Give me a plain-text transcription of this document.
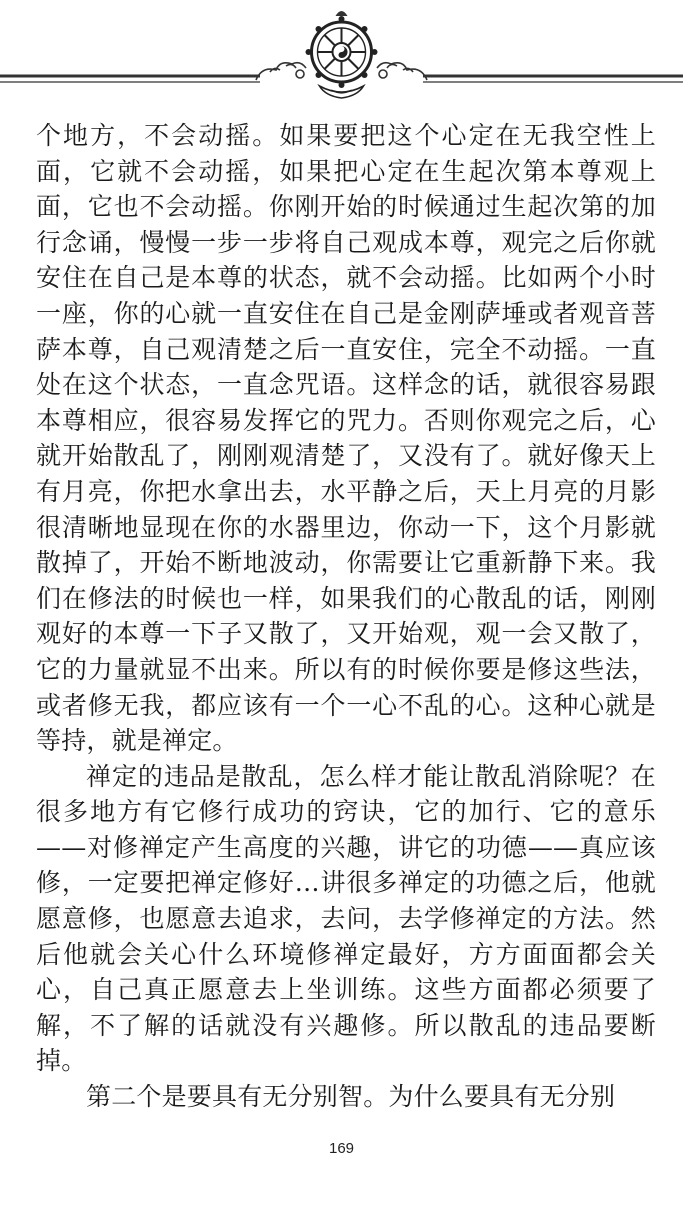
个地方，不会动摇。如果要把这个心定在无我空性上面，它就不会动摇，如果把心定在生起次第本尊观上面，它也不会动摇。你刚开始的时候通过生起次第的加行念诵，慢慢一步一步将自己观成本尊，观完之后你就安住在自己是本尊的状态，就不会动摇。比如两个小时一座，你的心就一直安住在自己是金刚萨埵或者观音菩萨本尊，自己观清楚之后一直安住，完全不动摇。一直处在这个状态，一直念咒语。这样念的话，就很容易跟本尊相应，很容易发挥它的咒力。否则你观完之后，心就开始散乱了，刚刚观清楚了，又没有了。就好像天上有月亮，你把水拿出去，水平静之后，天上月亮的月影很清晰地显现在你的水器里边，你动一下，这个月影就散掉了，开始不断地波动，你需要让它重新静下来。我们在修法的时候也一样，如果我们的心散乱的话，刚刚观好的本尊一下子又散了，又开始观，观一会又散了，它的力量就显不出来。所以有的时候你要是修这些法，或者修无我，都应该有一个一心不乱的心。这种心就是等持，就是禅定。

禅定的违品是散乱，怎么样才能让散乱消除呢？在很多地方有它修行成功的窍诀，它的加行、它的意乐——对修禅定产生高度的兴趣，讲它的功德——真应该修，一定要把禅定修好…讲很多禅定的功德之后，他就愿意修，也愿意去追求，去问，去学修禅定的方法。然后他就会关心什么环境修禅定最好，方方面面都会关心，自己真正愿意去上坐训练。这些方面都必须要了解，不了解的话就没有兴趣修。所以散乱的违品要断掉。

第二个是要具有无分别智。为什么要具有无分别

169
